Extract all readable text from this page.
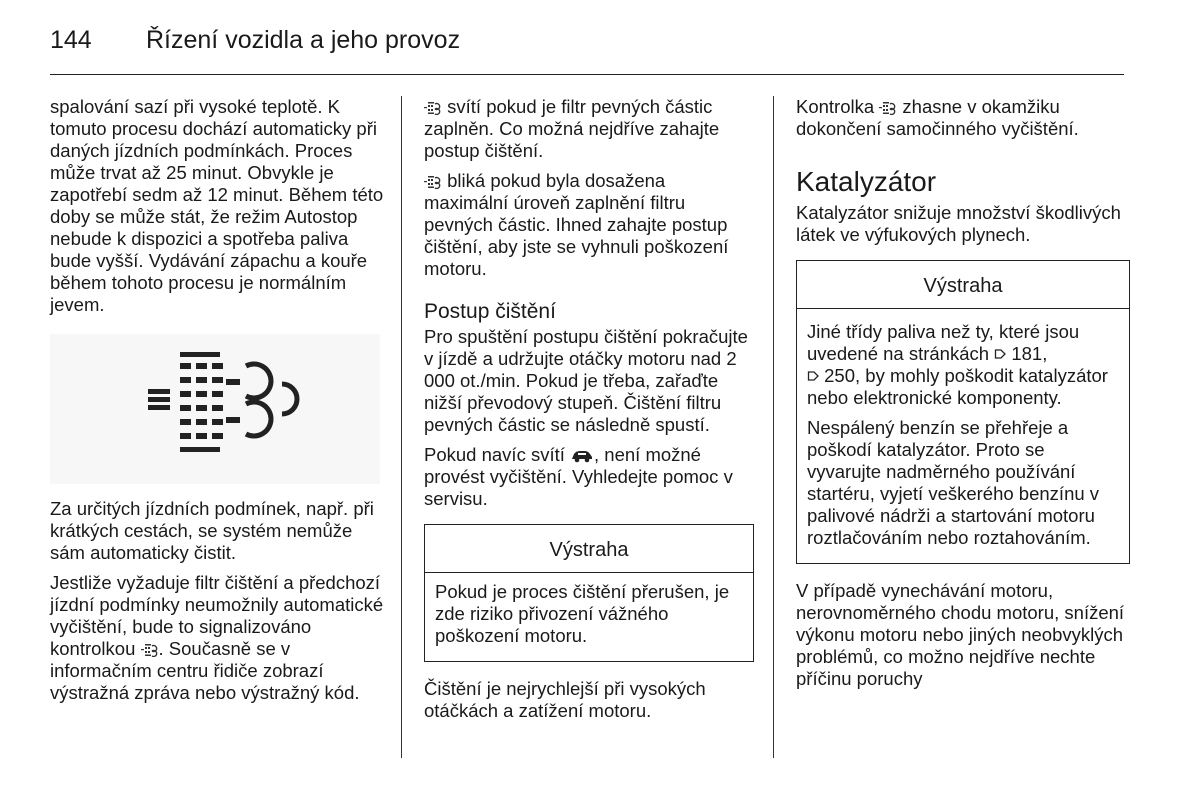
144 Řízení vozidla a jeho provoz

spalování sazí při vysoké teplotě. K tomuto procesu dochází automaticky při daných jízdních podmínkách. Proces může trvat až 25 minut. Obvykle je zapotřebí sedm až 12 minut. Během této doby se může stát, že režim Autostop nebude k dispozici a spotřeba paliva bude vyšší. Vydávání zápachu a kouře během tohoto procesu je normálním jevem.

Za určitých jízdních podmínek, např. při krátkých cestách, se systém nemůže sám automaticky čistit.

Jestliže vyžaduje filtr čištění a předchozí jízdní podmínky neumožnily automatické vyčištění, bude to signalizováno kontrolkou . Současně se v informačním centru řidiče zobrazí výstražná zpráva nebo výstražný kód.

svítí pokud je filtr pevných částic zaplněn. Co možná nejdříve zahajte postup čištění.

bliká pokud byla dosažena maximální úroveň zaplnění filtru pevných částic. Ihned zahajte postup čištění, aby jste se vyhnuli poškození motoru.

Postup čištění

Pro spuštění postupu čištění pokračujte v jízdě a udržujte otáčky motoru nad 2 000 ot./min. Pokud je třeba, zařaďte nižší převodový stupeň. Čištění filtru pevných částic se následně spustí.

Pokud navíc svítí , není možné provést vyčištění. Vyhledejte pomoc v servisu.

Výstraha

Pokud je proces čištění přerušen, je zde riziko přivození vážného poškození motoru.

Čištění je nejrychlejší při vysokých otáčkách a zatížení motoru.

Kontrolka  zhasne v okamžiku dokončení samočinného vyčištění.

Katalyzátor

Katalyzátor snižuje množství škodlivých látek ve výfukových plynech.

Výstraha

Jiné třídy paliva než ty, které jsou uvedené na stránkách  181,
250, by mohly poškodit katalyzátor nebo elektronické komponenty.

Nespálený benzín se přehřeje a poškodí katalyzátor. Proto se vyvarujte nadměrného používání startéru, vyjetí veškerého benzínu v palivové nádrži a startování motoru roztlačováním nebo roztahováním.

V případě vynechávání motoru, nerovnoměrného chodu motoru, snížení výkonu motoru nebo jiných neobvyklých problémů, co možno nejdříve nechte příčinu poruchy
